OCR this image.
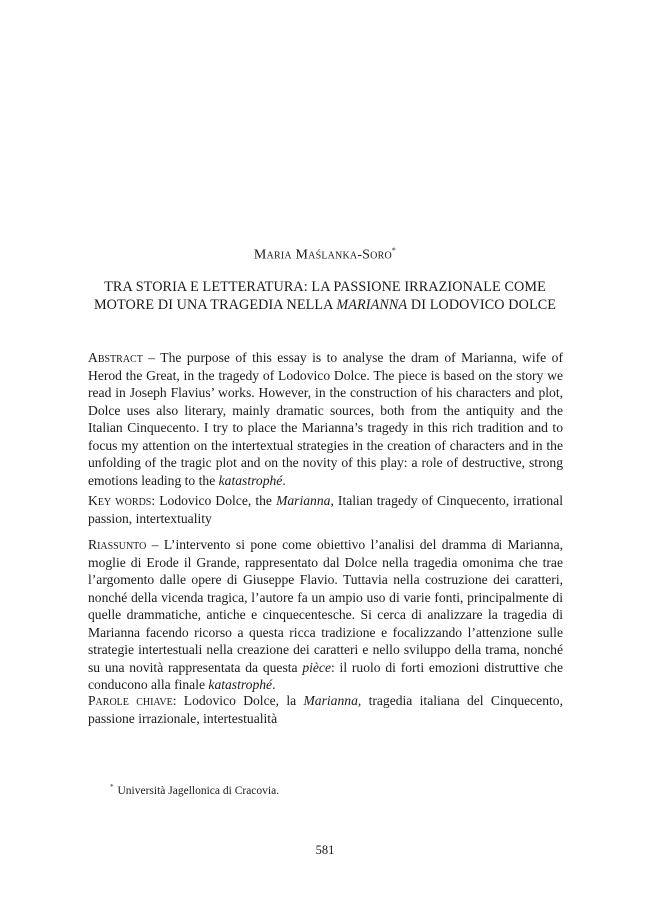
Maria Maślanka-Soro*
TRA STORIA E LETTERATURA: LA PASSIONE IRRAZIONALE COME
MOTORE DI UNA TRAGEDIA NELLA MARIANNA DI LODOVICO DOLCE
Abstract – The purpose of this essay is to analyse the dram of Marianna, wife of Herod the Great, in the tragedy of Lodovico Dolce. The piece is based on the story we read in Joseph Flavius’ works. However, in the construction of his characters and plot, Dolce uses also literary, mainly dramatic sources, both from the antiquity and the Italian Cinquecento. I try to place the Marianna’s tragedy in this rich tradition and to focus my attention on the intertextual strategies in the creation of characters and in the unfolding of the tragic plot and on the novity of this play: a role of destructive, strong emotions leading to the katastrophé.
Key words: Lodovico Dolce, the Marianna, Italian tragedy of Cinquecento, irrational passion, intertextuality
Riassunto – L’intervento si pone come obiettivo l’analisi del dramma di Marianna, moglie di Erode il Grande, rappresentato dal Dolce nella tragedia omonima che trae l’argomento dalle opere di Giuseppe Flavio. Tuttavia nella costruzione dei caratteri, nonché della vicenda tragica, l’autore fa un ampio uso di varie fonti, principalmente di quelle drammatiche, antiche e cinquecentesche. Si cerca di analizzare la tragedia di Marianna facendo ricorso a questa ricca tradizione e focalizzando l’attenzione sulle strategie intertestuali nella creazione dei caratteri e nello sviluppo della trama, nonché su una novità rappresentata da questa pièce: il ruolo di forti emozioni distruttive che conducono alla finale katastrophé.
Parole chiave: Lodovico Dolce, la Marianna, tragedia italiana del Cinquecento, passione irrazionale, intertestualità
* Università Jagellonica di Cracovia.
581
